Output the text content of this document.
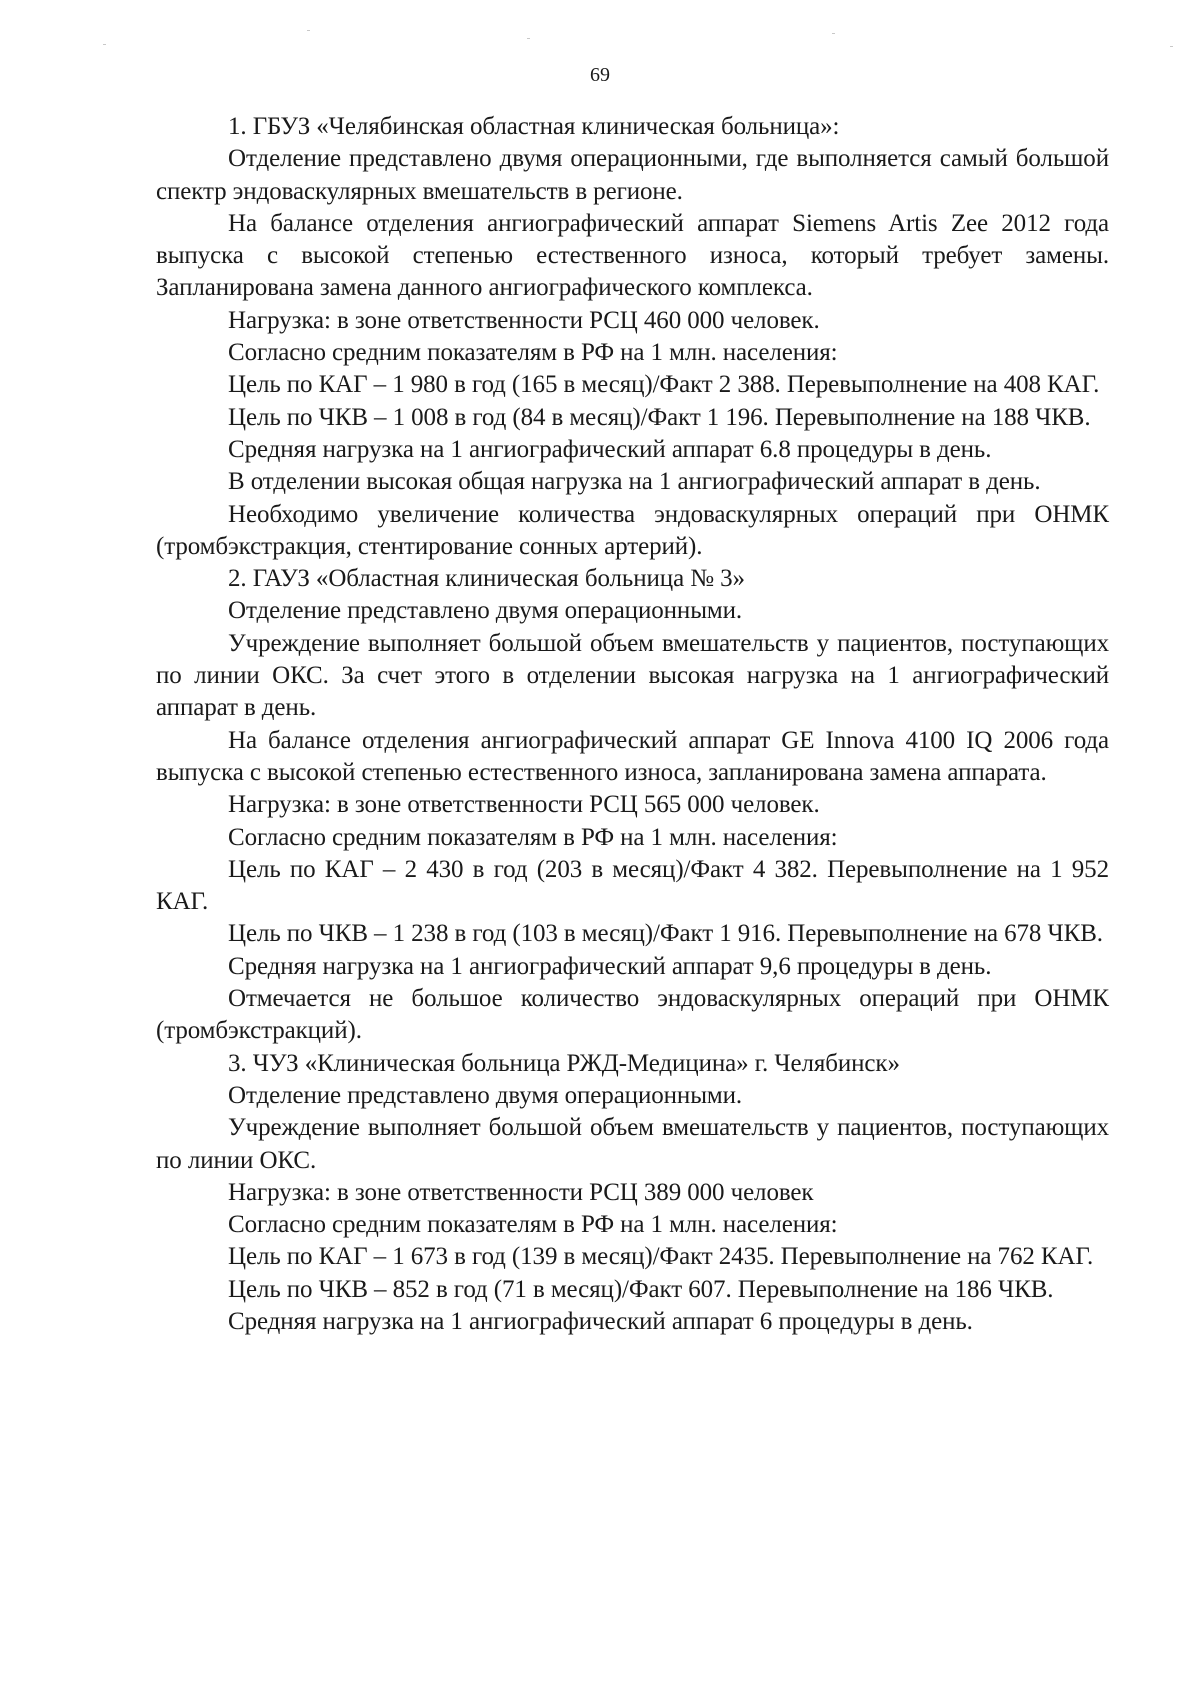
69

1. ГБУЗ «Челябинская областная клиническая больница»:

Отделение представлено двумя операционными, где выполняется самый большой спектр эндоваскулярных вмешательств в регионе.

На балансе отделения ангиографический аппарат Siemens Artis Zee 2012 года выпуска с высокой степенью естественного износа, который требует замены. Запланирована замена данного ангиографического комплекса.

Нагрузка: в зоне ответственности РСЦ 460 000 человек.

Согласно средним показателям в РФ на 1 млн. населения:

Цель по КАГ – 1 980 в год (165 в месяц)/Факт 2 388. Перевыполнение на 408 КАГ.

Цель по ЧКВ – 1 008 в год (84 в месяц)/Факт 1 196. Перевыполнение на 188 ЧКВ.

Средняя нагрузка на 1 ангиографический аппарат 6.8 процедуры в день.

В отделении высокая общая нагрузка на 1 ангиографический аппарат в день.

Необходимо увеличение количества эндоваскулярных операций при ОНМК (тромбэкстракция, стентирование сонных артерий).

2. ГАУЗ «Областная клиническая больница № 3»

Отделение представлено двумя операционными.

Учреждение выполняет большой объем вмешательств у пациентов, поступающих по линии ОКС. За счет этого в отделении высокая нагрузка на 1 ангиографический аппарат в день.

На балансе отделения ангиографический аппарат GE Innova 4100 IQ 2006 года выпуска с высокой степенью естественного износа, запланирована замена аппарата.

Нагрузка: в зоне ответственности РСЦ 565 000 человек.

Согласно средним показателям в РФ на 1 млн. населения:

Цель по КАГ – 2 430 в год (203 в месяц)/Факт 4 382. Перевыполнение на 1 952 КАГ.

Цель по ЧКВ – 1 238 в год (103 в месяц)/Факт 1 916. Перевыполнение на 678 ЧКВ.

Средняя нагрузка на 1 ангиографический аппарат 9,6 процедуры в день.

Отмечается не большое количество эндоваскулярных операций при ОНМК (тромбэкстракций).

3. ЧУЗ «Клиническая больница РЖД-Медицина» г. Челябинск»

Отделение представлено двумя операционными.

Учреждение выполняет большой объем вмешательств у пациентов, поступающих по линии ОКС.

Нагрузка: в зоне ответственности РСЦ 389 000 человек

Согласно средним показателям в РФ на 1 млн. населения:

Цель по КАГ – 1 673 в год (139 в месяц)/Факт 2435. Перевыполнение на 762 КАГ.

Цель по ЧКВ – 852 в год (71 в месяц)/Факт 607. Перевыполнение на 186 ЧКВ.

Средняя нагрузка на 1 ангиографический аппарат 6 процедуры в день.
